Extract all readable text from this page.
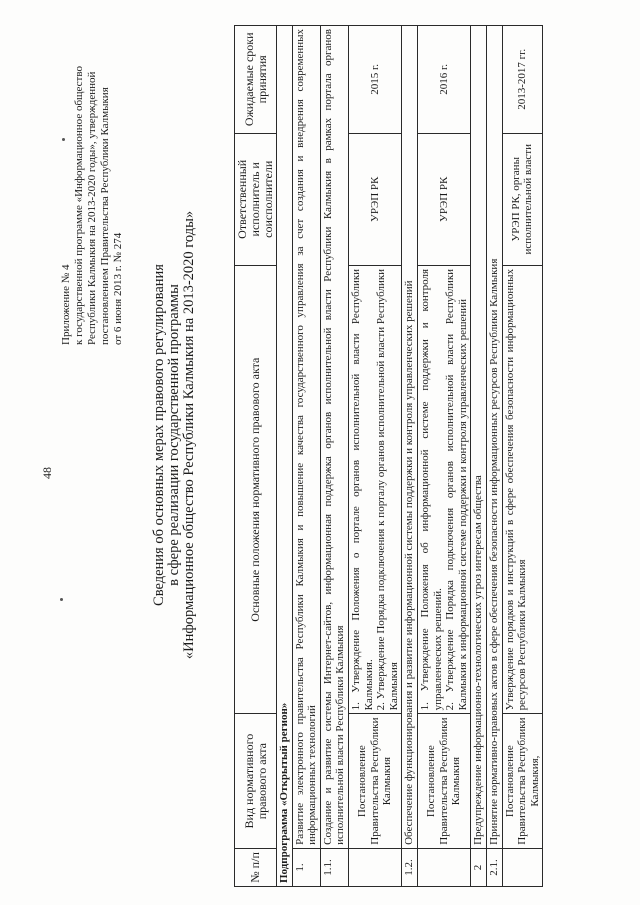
48
Приложение № 4 к государственной программе «Информационное общество Республики Калмыкия на 2013-2020 годы», утвержденной постановлением Правительства Республики Калмыкия от 6 июня 2013 г. № 274 Сведения об основных мерах правового регулирования в сфере реализации государственной программы «Информационное общество Республики Калмыкия на 2013-2020 годы»
№ п/п	Вид нормативного правового акта	Основные положения нормативного правового акта	Ответственный исполнитель и соисполнители	Ожидаемые сроки принятия
Подпрограмма «Открытый регион»				
1.	Развитие электронного правительства Республики Калмыкия и повышение качества государственного управления за счет создания и внедрения современных информационных технологий			
1.1.	Создание и развитие системы Интернет-сайтов, информационная поддержка органов исполнительной власти Республики Калмыкия в рамках портала органов исполнительной власти Республики Калмыкия			
	Постановление Правительства Республики Калмыкия	1. Утверждение Положения о портале органов исполнительной власти Республики Калмыкия. 2. Утверждение Порядка подключения к порталу органов исполнительной власти Республики Калмыкия	УРЭП РК	2015 г.
1.2.	Обеспечение функционирования и развитие информационной системы поддержки и контроля управленческих решений			
	Постановление Правительства Республики Калмыкия	1. Утверждение Положения об информационной системе поддержки и контроля управленческих решений. 2. Утверждение Порядка подключения органов исполнительной власти Республики Калмыкия к информационной системе поддержки и контроля управленческих решений	УРЭП РК	2016 г.
2	Предупреждение информационно-технологических угроз интересам общества			
2.1.	Принятие нормативно-правовых актов в сфере обеспечения безопасности информационных ресурсов Республики Калмыкия			
	Постановление Правительства Республики Калмыкия,	Утверждение порядков и инструкций в сфере обеспечения безопасности информационных ресурсов Республики Калмыкия	УРЭП РК, органы исполнительной власти	2013-2017 гг.
